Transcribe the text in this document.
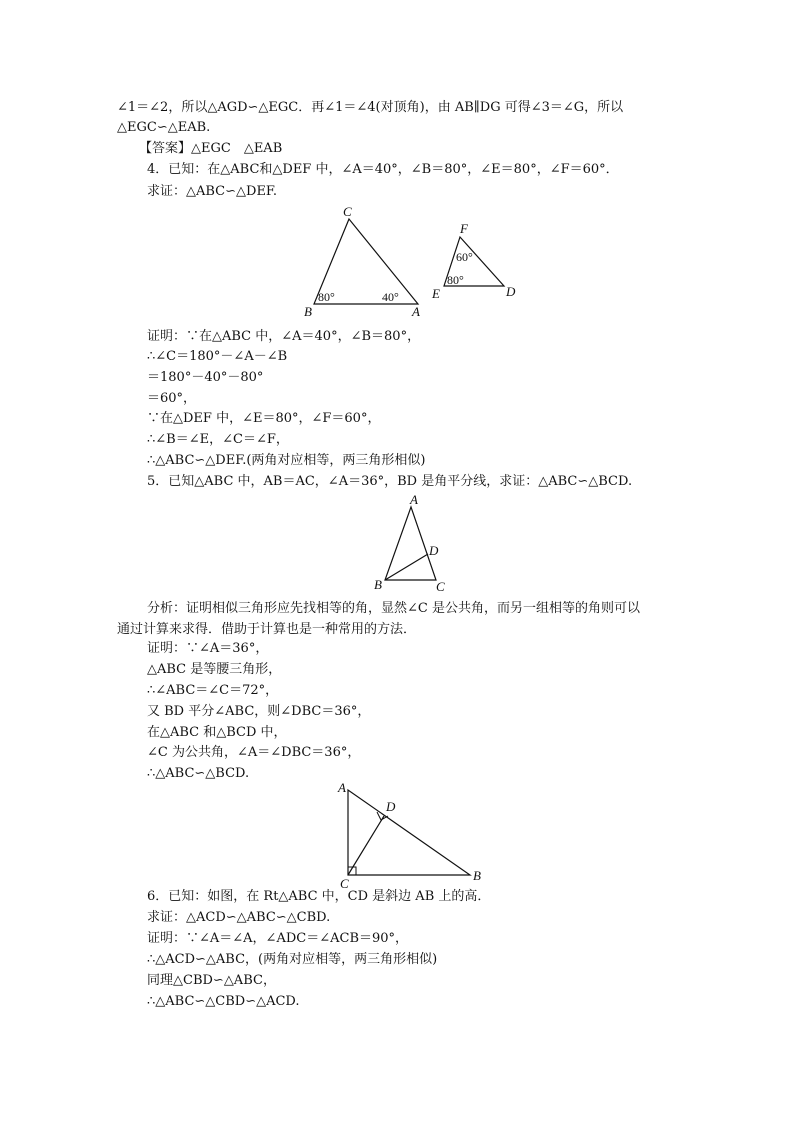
∠1＝∠2，所以△AGD∽△EGC．再∠1＝∠4(对顶角)，由 AB∥DG 可得∠3＝∠G，所以
△EGC∽△EAB.
【答案】△EGC　△EAB
4．已知：在△ABC和△DEF 中，∠A＝40°，∠B＝80°，∠E＝80°，∠F＝60°．
求证：△ABC∽△DEF.
C
B	A
80°	40°
F
E	D
60°
80°
证明：∵在△ABC 中，∠A＝40°，∠B＝80°，
∴∠C＝180°－∠A－∠B
＝180°－40°－80°
＝60°，
∵在△DEF 中，∠E＝80°，∠F＝60°，
∴∠B＝∠E，∠C＝∠F，
∴△ABC∽△DEF.(两角对应相等，两三角形相似)
5．已知△ABC 中，AB＝AC，∠A＝36°，BD 是角平分线，求证：△ABC∽△BCD.
A
B	C
D
分析：证明相似三角形应先找相等的角，显然∠C 是公共角，而另一组相等的角则可以
通过计算来求得．借助于计算也是一种常用的方法．
证明：∵∠A＝36°，
△ABC 是等腰三角形，
∴∠ABC＝∠C＝72°，
又 BD 平分∠ABC，则∠DBC＝36°，
在△ABC 和△BCD 中，
∠C 为公共角，∠A＝∠DBC＝36°，
∴△ABC∽△BCD.
A
C
B
D
6．已知：如图，在 Rt△ABC 中，CD 是斜边 AB 上的高．
求证：△ACD∽△ABC∽△CBD.
证明：∵∠A＝∠A，∠ADC＝∠ACB＝90°，
∴△ACD∽△ABC，(两角对应相等，两三角形相似)
同理△CBD∽△ABC，
∴△ABC∽△CBD∽△ACD.
